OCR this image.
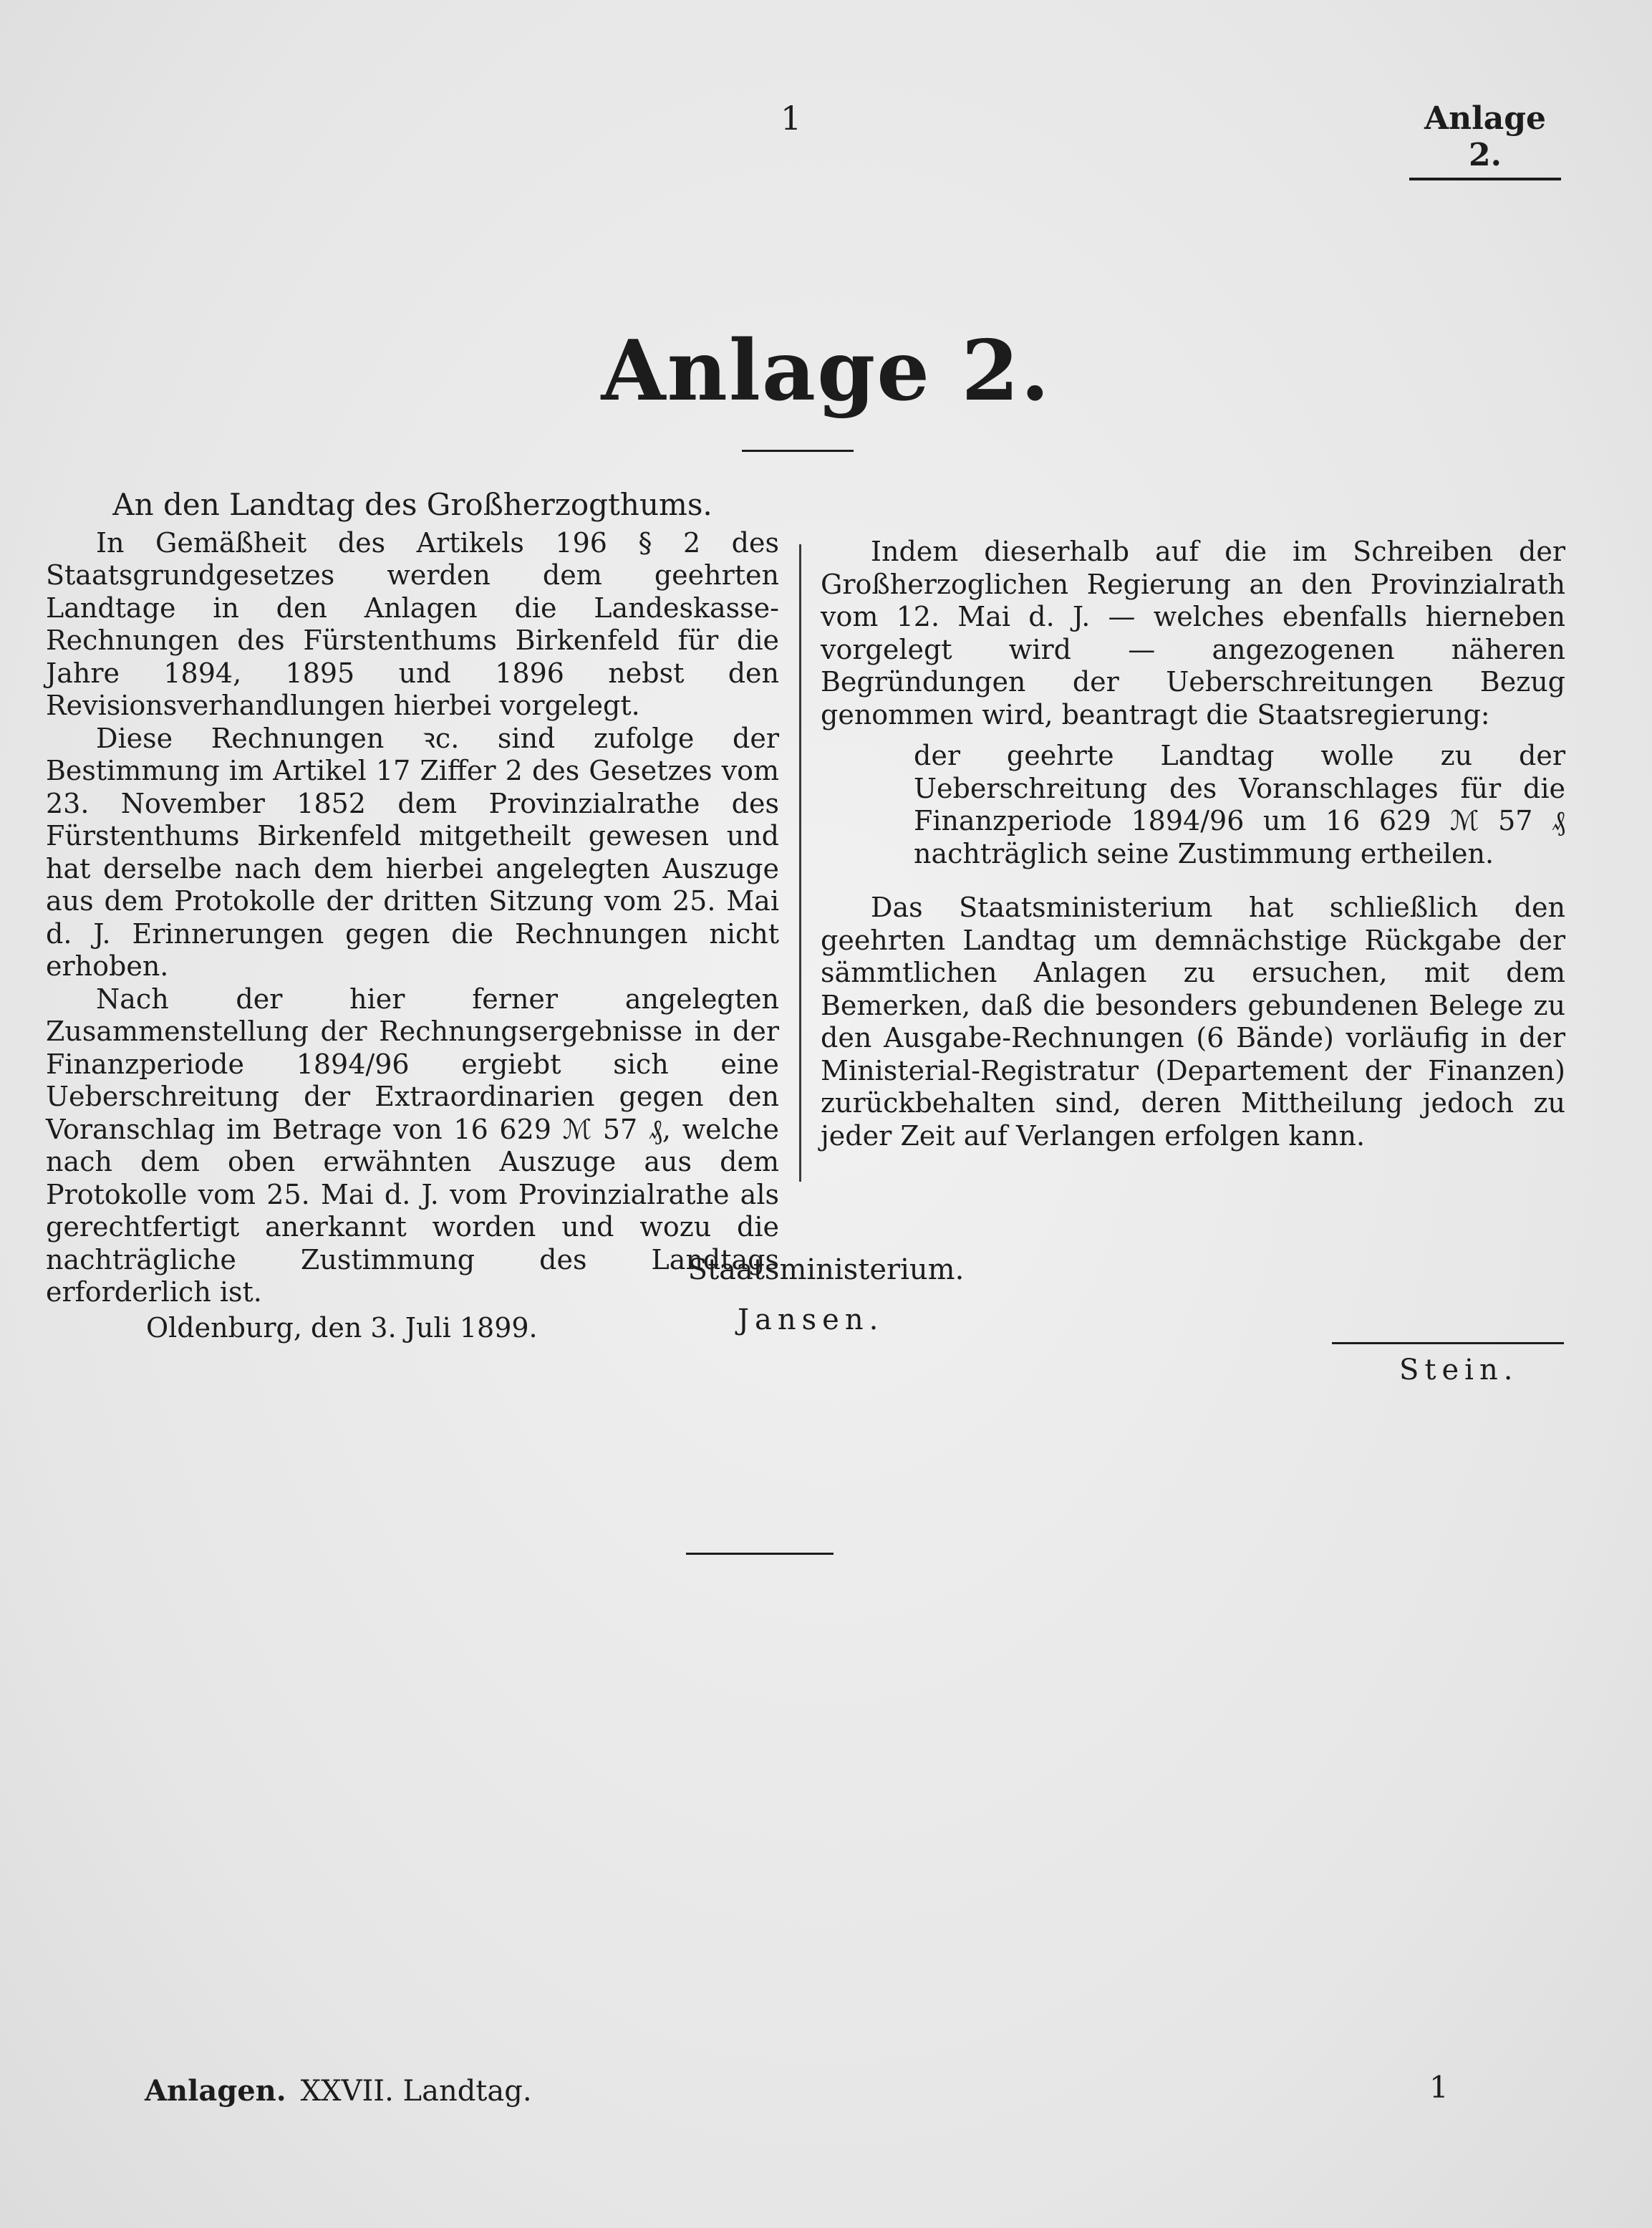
1	Anlage 2.
Anlage 2.

An den Landtag des Großherzogthums.

In Gemäßheit des Artikels 196 § 2 des Staatsgrundgesetzes werden dem geehrten Landtage in den Anlagen die Landeskasse-Rechnungen des Fürstenthums Birkenfeld für die Jahre 1894, 1895 und 1896 nebst den Revisionsverhandlungen hierbei vorgelegt.

Diese Rechnungen ꝛc. sind zufolge der Bestimmung im Artikel 17 Ziffer 2 des Gesetzes vom 23. November 1852 dem Provinzialrathe des Fürstenthums Birkenfeld mitgetheilt gewesen und hat derselbe nach dem hierbei angelegten Auszuge aus dem Protokolle der dritten Sitzung vom 25. Mai d. J. Erinnerungen gegen die Rechnungen nicht erhoben.

Nach der hier ferner angelegten Zusammenstellung der Rechnungsergebnisse in der Finanzperiode 1894/96 ergiebt sich eine Ueberschreitung der Extraordinarien gegen den Voranschlag im Betrage von 16 629 ℳ 57 ₰, welche nach dem oben erwähnten Auszuge aus dem Protokolle vom 25. Mai d. J. vom Provinzialrathe als gerechtfertigt anerkannt worden und wozu die nachträgliche Zustimmung des Landtags erforderlich ist.

Oldenburg, den 3. Juli 1899.

Indem dieserhalb auf die im Schreiben der Großherzoglichen Regierung an den Provinzialrath vom 12. Mai d. J. — welches ebenfalls hierneben vorgelegt wird — angezogenen näheren Begründungen der Ueberschreitungen Bezug genommen wird, beantragt die Staatsregierung:

der geehrte Landtag wolle zu der Ueberschreitung des Voranschlages für die Finanzperiode 1894/96 um 16 629 ℳ 57 ₰ nachträglich seine Zustimmung ertheilen.

Das Staatsministerium hat schließlich den geehrten Landtag um demnächstige Rückgabe der sämmtlichen Anlagen zu ersuchen, mit dem Bemerken, daß die besonders gebundenen Belege zu den Ausgabe-Rechnungen (6 Bände) vorläufig in der Ministerial-Registratur (Departement der Finanzen) zurückbehalten sind, deren Mittheilung jedoch zu jeder Zeit auf Verlangen erfolgen kann.

Staatsministerium.
Jansen.
Stein.
Anlagen. XXVII. Landtag.	1
